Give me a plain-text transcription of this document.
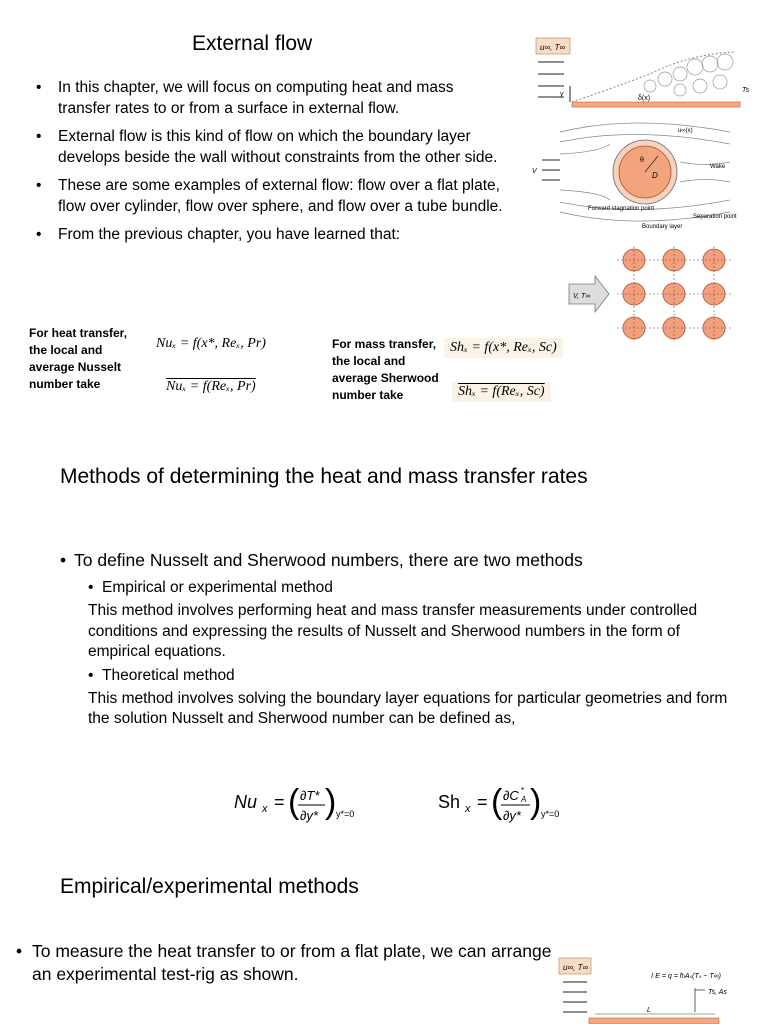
External flow
• In this chapter, we will focus on computing heat and mass transfer rates to or from a surface in external flow.
• External flow is this kind of flow on which the boundary layer develops beside the wall without constraints from the other side.
• These are some examples of external flow: flow over a flat plate, flow over cylinder, flow over sphere, and flow over a tube bundle.
• From the previous chapter, you have learned that:
For heat transfer, the local and average Nusselt number take
Nuₓ = f(x*, Reₓ, Pr)
Nuₓ = f(Reₓ, Pr)
For mass transfer, the local and average Sherwood number take
Shₓ = f(x*, Reₓ, Sc)
Shₓ = f(Reₓ, Sc)
u∞, T∞
y
δ(x)
Ts
V	D
θ
u∞(x)
Wake
Forward stagnation point
Boundary layer
Separation point
V, T∞
Methods of determining the heat and mass transfer rates
• To define Nusselt and Sherwood numbers, there are two methods
• Empirical or experimental method
This method involves performing heat and mass transfer measurements under controlled conditions and expressing the results of Nusselt and Sherwood numbers in the form of empirical equations.
• Theoretical method
This method involves solving the boundary layer equations for particular geometries and form the solution Nusselt and Sherwood number can be defined as,
Nu x = ( ∂T*
∂y* ) y*=0
Sh x = ( ∂C A
*
∂y* ) y*=0
Empirical/experimental methods
• To measure the heat transfer to or from a flat plate, we can arrange an experimental test-rig as shown.	u∞, T∞
I·E = q = h̄ₗAₛ(Tₛ − T∞)
Ts, As
L
